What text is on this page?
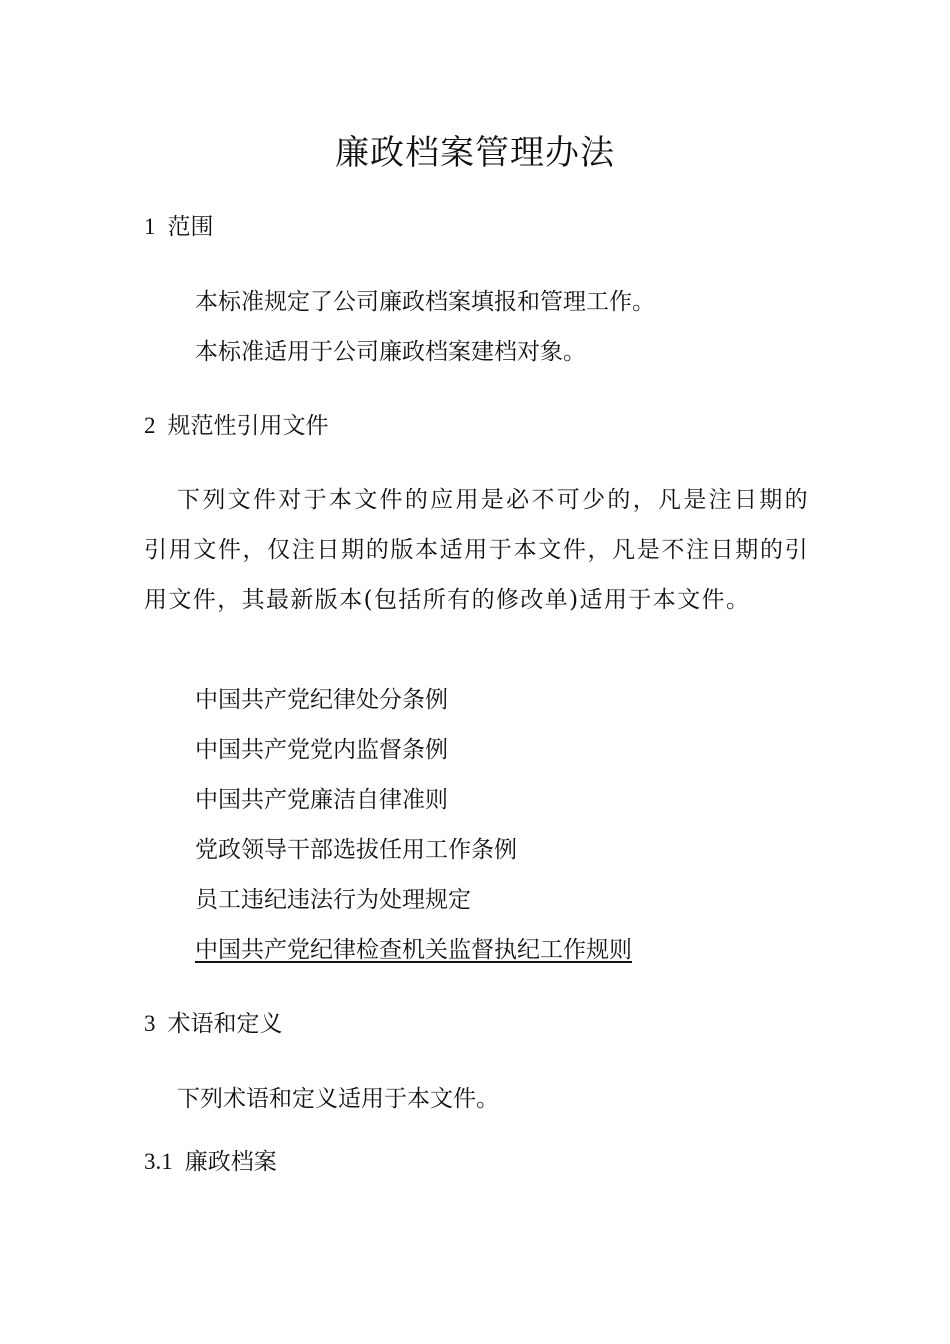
廉政档案管理办法
1 范围
本标准规定了公司廉政档案填报和管理工作。
本标准适用于公司廉政档案建档对象。
2 规范性引用文件
下列文件对于本文件的应用是必不可少的，凡是注日期的引用文件，仅注日期的版本适用于本文件，凡是不注日期的引用文件，其最新版本(包括所有的修改单)适用于本文件。
中国共产党纪律处分条例
中国共产党党内监督条例
中国共产党廉洁自律准则
党政领导干部选拔任用工作条例
员工违纪违法行为处理规定
中国共产党纪律检查机关监督执纪工作规则
3 术语和定义
下列术语和定义适用于本文件。
3.1 廉政档案
